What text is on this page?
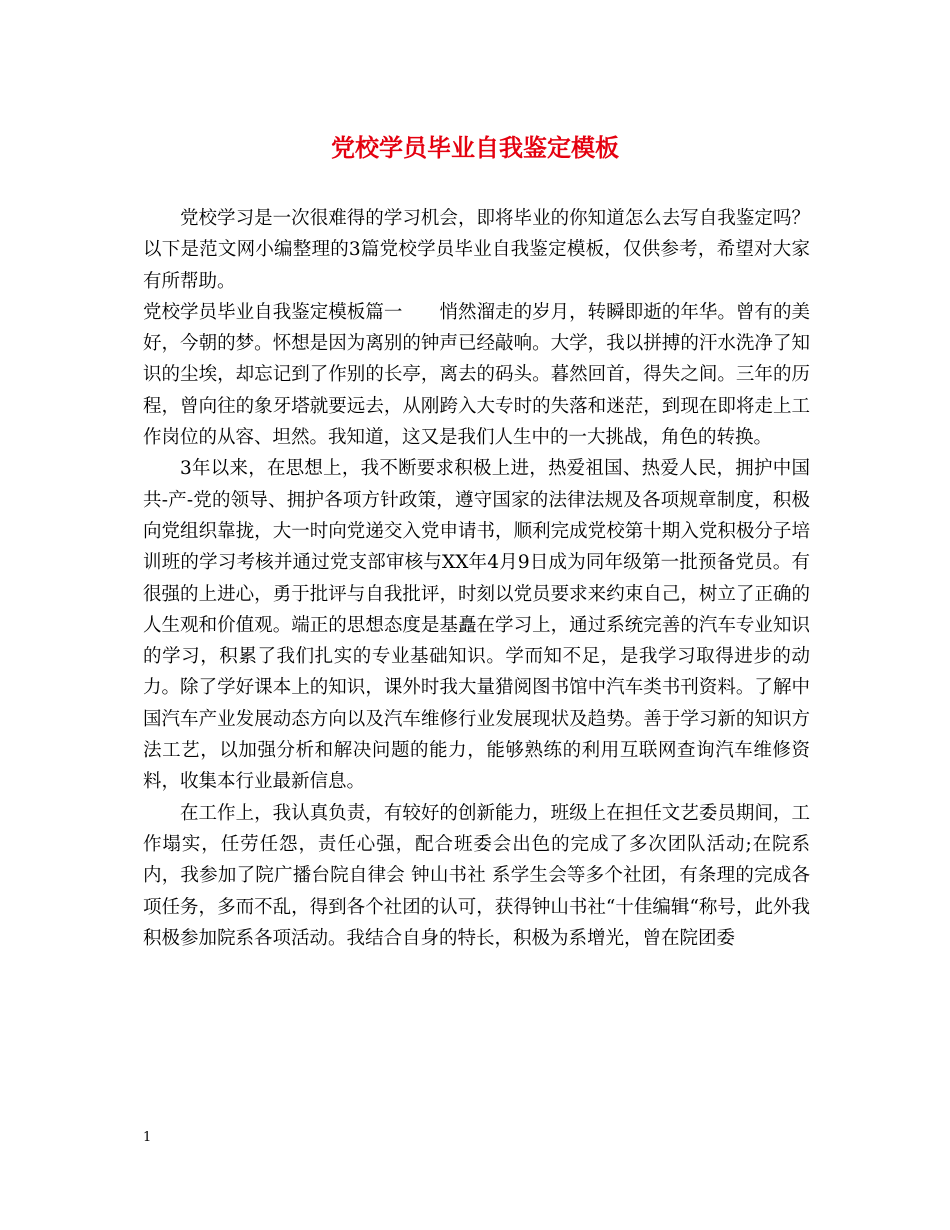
党校学员毕业自我鉴定模板

党校学习是一次很难得的学习机会，即将毕业的你知道怎么去写自我鉴定吗？以下是范文网小编整理的3篇党校学员毕业自我鉴定模板，仅供参考，希望对大家有所帮助。

党校学员毕业自我鉴定模板篇一　　悄然溜走的岁月，转瞬即逝的年华。曾有的美好，今朝的梦。怀想是因为离别的钟声已经敲响。大学，我以拼搏的汗水洗净了知识的尘埃，却忘记到了作别的长亭，离去的码头。暮然回首，得失之间。三年的历程，曾向往的象牙塔就要远去，从刚跨入大专时的失落和迷茫，到现在即将走上工作岗位的从容、坦然。我知道，这又是我们人生中的一大挑战，角色的转换。

3年以来，在思想上，我不断要求积极上进，热爱祖国、热爱人民，拥护中国共-产-党的领导、拥护各项方针政策，遵守国家的法律法规及各项规章制度，积极向党组织靠拢，大一时向党递交入党申请书，顺利完成党校第十期入党积极分子培训班的学习考核并通过党支部审核与XX年4月9日成为同年级第一批预备党员。有很强的上进心，勇于批评与自我批评，时刻以党员要求来约束自己，树立了正确的人生观和价值观。端正的思想态度是基矗在学习上，通过系统完善的汽车专业知识的学习，积累了我们扎实的专业基础知识。学而知不足，是我学习取得进步的动力。除了学好课本上的知识，课外时我大量猎阅图书馆中汽车类书刊资料。了解中国汽车产业发展动态方向以及汽车维修行业发展现状及趋势。善于学习新的知识方法工艺，以加强分析和解决问题的能力，能够熟练的利用互联网查询汽车维修资料，收集本行业最新信息。

在工作上，我认真负责，有较好的创新能力，班级上在担任文艺委员期间，工作塌实，任劳任怨，责任心强，配合班委会出色的完成了多次团队活动;在院系内，我参加了院广播台院自律会 钟山书社 系学生会等多个社团，有条理的完成各项任务，多而不乱，得到各个社团的认可，获得钟山书社“十佳编辑“称号，此外我积极参加院系各项活动。我结合自身的特长，积极为系增光，曾在院团委

1
